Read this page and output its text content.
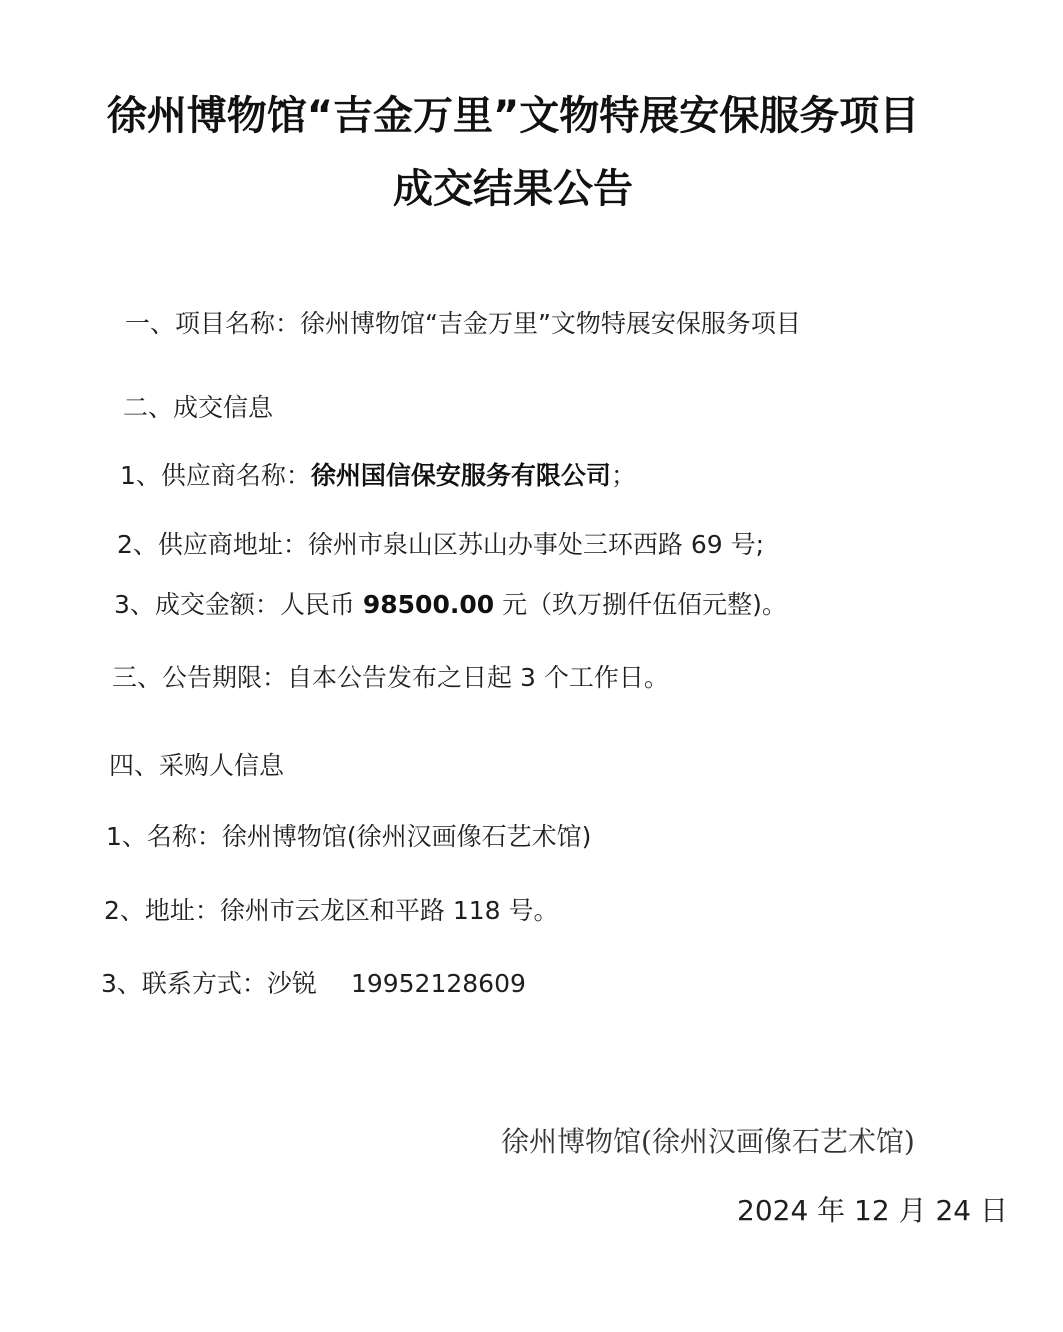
徐州博物馆“吉金万里”文物特展安保服务项目
成交结果公告
一、项目名称：徐州博物馆“吉金万里”文物特展安保服务项目
二、成交信息
1、供应商名称：徐州国信保安服务有限公司；
2、供应商地址：徐州市泉山区苏山办事处三环西路 69 号;
3、成交金额：人民币 98500.00 元（玖万捌仟伍佰元整)。
三、公告期限：自本公告发布之日起 3 个工作日。
四、采购人信息
1、名称：徐州博物馆(徐州汉画像石艺术馆)
2、地址：徐州市云龙区和平路 118 号。
3、联系方式：沙锐 19952128609
徐州博物馆(徐州汉画像石艺术馆)
2024 年 12 月 24 日
